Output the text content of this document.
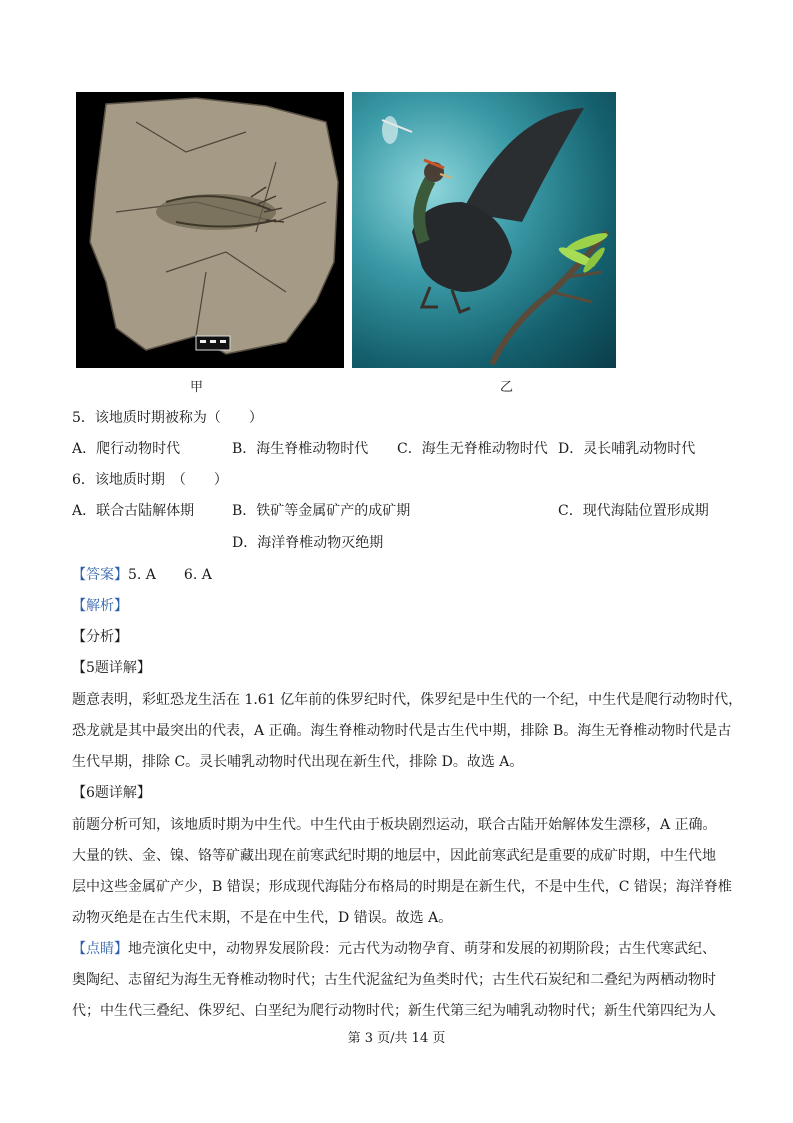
甲	乙
5．该地质时期被称为（　　）
A．爬行动物时代	B．海生脊椎动物时代 C．海生无脊椎动物时代 D．灵长哺乳动物时代
6．该地质时期　（　　）
A．联合古陆解体期	B．铁矿等金属矿产的成矿期	C．现代海陆位置形成期
D．海洋脊椎动物灭绝期
【答案】5. A　　6. A
【解析】
【分析】
【5题详解】
题意表明，彩虹恐龙生活在 1.61 亿年前的侏罗纪时代，侏罗纪是中生代的一个纪，中生代是爬行动物时代，
恐龙就是其中最突出的代表，A 正确。海生脊椎动物时代是古生代中期，排除 B。海生无脊椎动物时代是古
生代早期，排除 C。灵长哺乳动物时代出现在新生代，排除 D。故选 A。
【6题详解】
前题分析可知，该地质时期为中生代。中生代由于板块剧烈运动，联合古陆开始解体发生漂移，A 正确。
大量的铁、金、镍、铬等矿藏出现在前寒武纪时期的地层中，因此前寒武纪是重要的成矿时期，中生代地
层中这些金属矿产少，B 错误；形成现代海陆分布格局的时期是在新生代，不是中生代，C 错误；海洋脊椎
动物灭绝是在古生代末期，不是在中生代，D 错误。故选 A。
【点睛】地壳演化史中，动物界发展阶段：元古代为动物孕育、萌芽和发展的初期阶段；古生代寒武纪、
奥陶纪、志留纪为海生无脊椎动物时代；古生代泥盆纪为鱼类时代；古生代石炭纪和二叠纪为两栖动物时
代；中生代三叠纪、侏罗纪、白垩纪为爬行动物时代；新生代第三纪为哺乳动物时代；新生代第四纪为人
第 3 页/共 14 页
